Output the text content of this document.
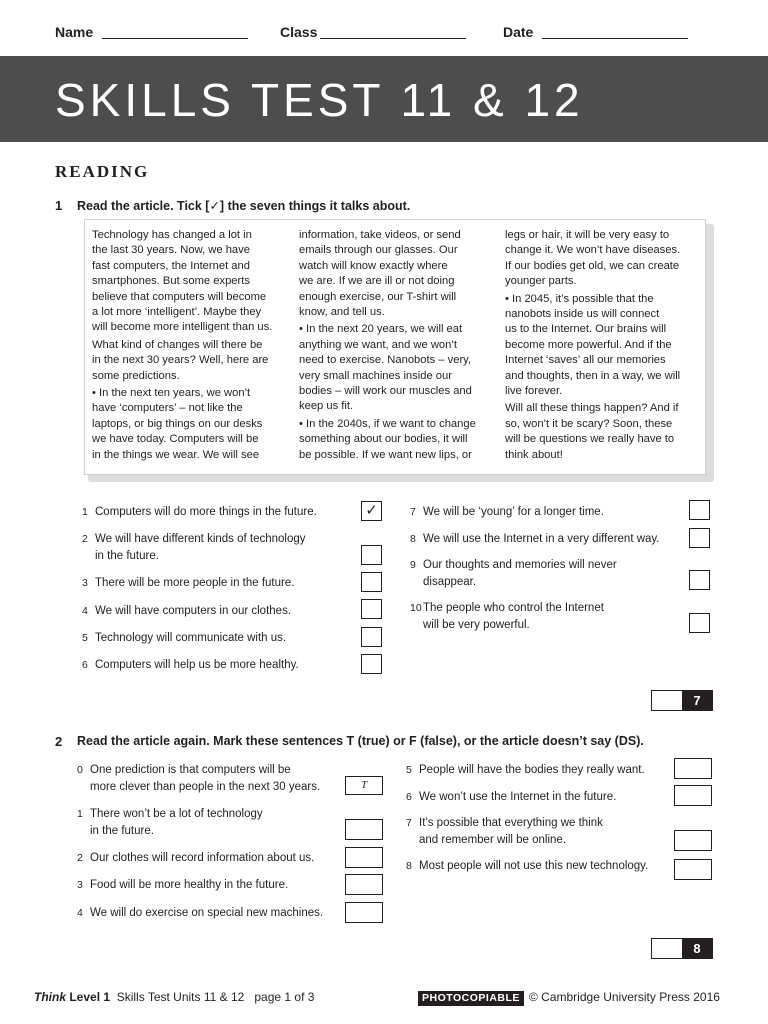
Name	Class	Date
SKILLS TEST 11 & 12
READING
1 Read the article. Tick [✓] the seven things it talks about.
Technology has changed a lot in
the last 30 years. Now, we have
fast computers, the Internet and
smartphones. But some experts
believe that computers will become
a lot more ‘intelligent’. Maybe they
will become more intelligent than us.
What kind of changes will there be
in the next 30 years? Well, here are
some predictions.
• In the next ten years, we won’t
have ‘computers’ – not like the
laptops, or big things on our desks
we have today. Computers will be
in the things we wear. We will see
information, take videos, or send
emails through our glasses. Our
watch will know exactly where
we are. If we are ill or not doing
enough exercise, our T-shirt will
know, and tell us.
• In the next 20 years, we will eat
anything we want, and we won’t
need to exercise. Nanobots – very,
very small machines inside our
bodies – will work our muscles and
keep us fit.
• In the 2040s, if we want to change
something about our bodies, it will
be possible. If we want new lips, or
legs or hair, it will be very easy to
change it. We won’t have diseases.
If our bodies get old, we can create
younger parts.
• In 2045, it’s possible that the
nanobots inside us will connect
us to the Internet. Our brains will
become more powerful. And if the
Internet ‘saves’ all our memories
and thoughts, then in a way, we will
live forever.
Will all these things happen? And if
so, won’t it be scary? Soon, these
will be questions we really have to
think about!
1 Computers will do more things in the future.	✓
2 We will have different kinds of technology
in the future.
3 There will be more people in the future.
4 We will have computers in our clothes.
5 Technology will communicate with us.
6 Computers will help us be more healthy.
7 We will be ‘young’ for a longer time.
8 We will use the Internet in a very different way.
9 Our thoughts and memories will never
disappear.
10 The people who control the Internet
will be very powerful.
7
2 Read the article again. Mark these sentences T (true) or F (false), or the article doesn’t say (DS).
0 One prediction is that computers will be
more clever than people in the next 30 years.	T
1 There won’t be a lot of technology
in the future.
2 Our clothes will record information about us.
3 Food will be more healthy in the future.
4 We will do exercise on special new machines.
5 People will have the bodies they really want.
6 We won’t use the Internet in the future.
7 It’s possible that everything we think
and remember will be online.
8 Most people will not use this new technology.
8
Think Level 1 Skills Test Units 11 & 12 page 1 of 3	PHOTOCOPIABLE © Cambridge University Press 2016
